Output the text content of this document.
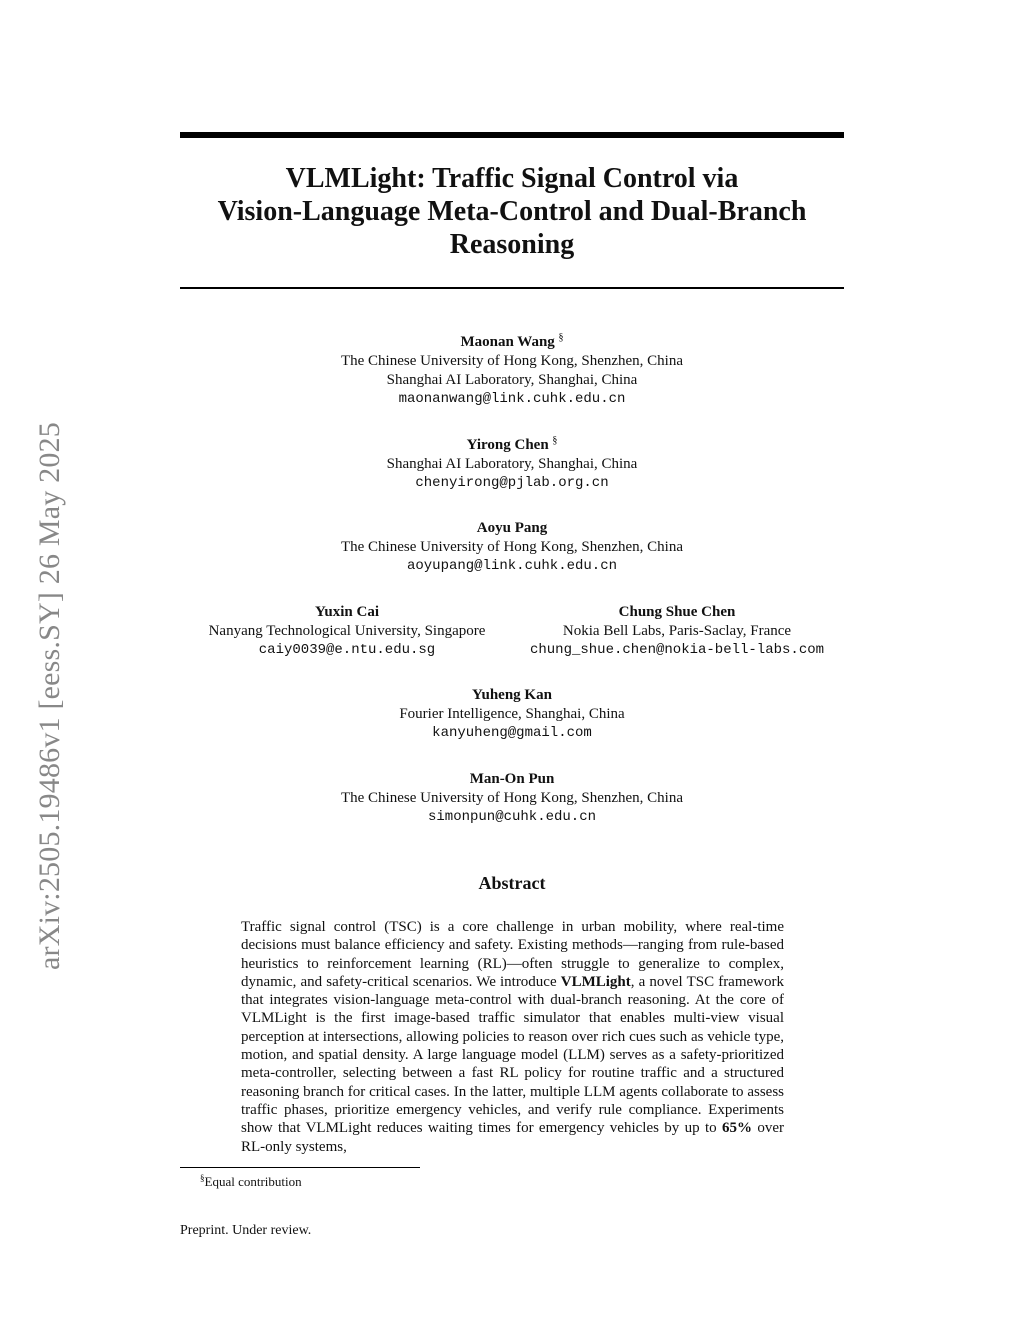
arXiv:2505.19486v1 [eess.SY] 26 May 2025
VLMLight: Traffic Signal Control via
Vision-Language Meta-Control and Dual-Branch
Reasoning
Maonan Wang §
The Chinese University of Hong Kong, Shenzhen, China
Shanghai AI Laboratory, Shanghai, China
maonanwang@link.cuhk.edu.cn
Yirong Chen §
Shanghai AI Laboratory, Shanghai, China
chenyirong@pjlab.org.cn
Aoyu Pang
The Chinese University of Hong Kong, Shenzhen, China
aoyupang@link.cuhk.edu.cn
Yuxin Cai
Nanyang Technological University, Singapore
caiy0039@e.ntu.edu.sg
Chung Shue Chen
Nokia Bell Labs, Paris-Saclay, France
chung_shue.chen@nokia-bell-labs.com
Yuheng Kan
Fourier Intelligence, Shanghai, China
kanyuheng@gmail.com
Man-On Pun
The Chinese University of Hong Kong, Shenzhen, China
simonpun@cuhk.edu.cn
Abstract
Traffic signal control (TSC) is a core challenge in urban mobility, where real-time decisions must balance efficiency and safety. Existing methods—ranging from rule-based heuristics to reinforcement learning (RL)—often struggle to generalize to complex, dynamic, and safety-critical scenarios. We introduce VLMLight, a novel TSC framework that integrates vision-language meta-control with dual-branch reasoning. At the core of VLMLight is the first image-based traffic simulator that enables multi-view visual perception at intersections, allowing policies to reason over rich cues such as vehicle type, motion, and spatial density. A large language model (LLM) serves as a safety-prioritized meta-controller, selecting between a fast RL policy for routine traffic and a structured reasoning branch for critical cases. In the latter, multiple LLM agents collaborate to assess traffic phases, prioritize emergency vehicles, and verify rule compliance. Experiments show that VLMLight reduces waiting times for emergency vehicles by up to 65% over RL-only systems,
§Equal contribution
Preprint. Under review.
